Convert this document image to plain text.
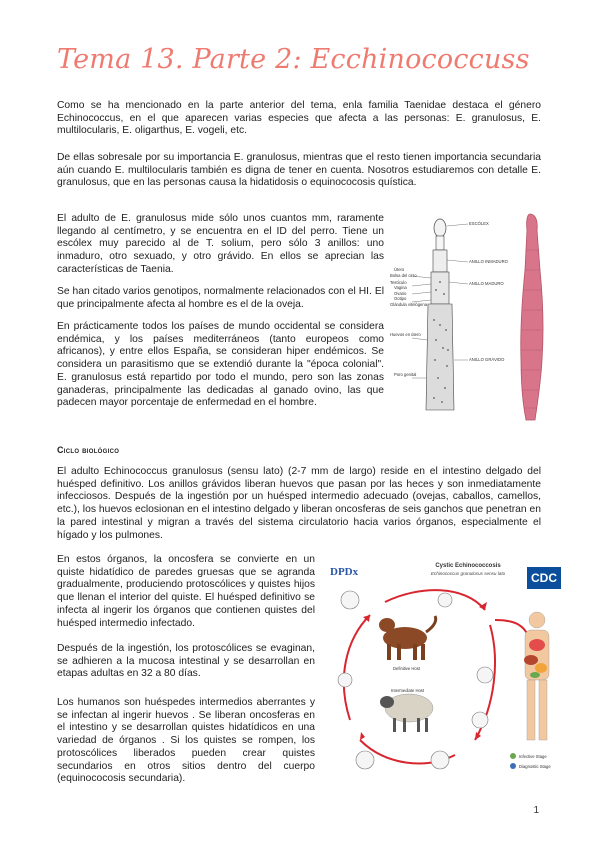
Tema 13. Parte 2: Ecchinococcuss

Como se ha mencionado en la parte anterior del tema, enla familia Taenidae destaca el género Echinococcus, en el que aparecen varias especies que afecta a las personas: E. granulosus, E. multilocularis, E. oligarthus, E. vogeli, etc.

De ellas sobresale por su importancia E. granulosus, mientras que el resto tienen importancia secundaria aún cuando E. multilocularis también es digna de tener en cuenta. Nosotros estudiaremos con detalle E. granulosus, que en las personas causa la hidatidosis o equinococosis quística.

El adulto de E. granulosus mide sólo unos cuantos mm, raramente llegando al centímetro, y se encuentra en el ID del perro. Tiene un escólex muy parecido al de T. solium, pero sólo 3 anillos: uno inmaduro, otro sexuado, y otro grávido. En ellos se aprecian las características de Taenia.

Se han citado varios genotipos, normalmente relacionados con el HI. El que principalmente afecta al hombre es el de la oveja.

En prácticamente todos los países de mundo occidental se considera endémica, y los países mediterráneos (tanto europeos como africanos), y entre ellos España, se consideran hiper endémicos. Se considera un parasitismo que se extendió durante la "época colonial". E. granulosus está repartido por todo el mundo, pero son las zonas ganaderas, principalmente las dedicadas al ganado ovino, las que padecen mayor porcentaje de enfermedad en el hombre.

ESCÓLEX
ANILLO INMADURO
ANILLO MADURO
ANILLO GRÁVIDO
Útero
Bolsa del cirro
Testículo
Vagina
Ovario
Ootipo
Glándula vitelógena
Huevos en útero
Poro genital
Ciclo biológico

El adulto Echinococcus granulosus (sensu lato) (2-7 mm de largo) reside en el intestino delgado del huésped definitivo. Los anillos grávidos liberan huevos que pasan por las heces y son inmediatamente infecciosos. Después de la ingestión por un huésped intermedio adecuado (ovejas, caballos, camellos, etc.), los huevos eclosionan en el intestino delgado y liberan oncosferas de seis ganchos que penetran en la pared intestinal y migran a través del sistema circulatorio hacia varios órganos, especialmente el hígado y los pulmones.

En estos órganos, la oncosfera se convierte en un quiste hidatídico de paredes gruesas que se agranda gradualmente, produciendo protoscólices y quistes hijos que llenan el interior del quiste. El huésped definitivo se infecta al ingerir los órganos que contienen quistes del huésped intermedio infectado.

Después de la ingestión, los protoscólices se evaginan, se adhieren a la mucosa intestinal y se desarrollan en etapas adultas en 32 a 80 días.

Los humanos son huéspedes intermedios aberrantes y se infectan al ingerir huevos . Se liberan oncosferas en el intestino y se desarrollan quistes hidatídicos en una variedad de órganos . Si los quistes se rompen, los protoscólices liberados pueden crear quistes secundarios en otros sitios dentro del cuerpo (equinococosis secundaria).

DPDx	CDC
Cystic Echinococcosis
Echinococcus granulosus sensu lato
Definitive Host
Intermediate Host
Infective Stage
Diagnostic Stage
1
